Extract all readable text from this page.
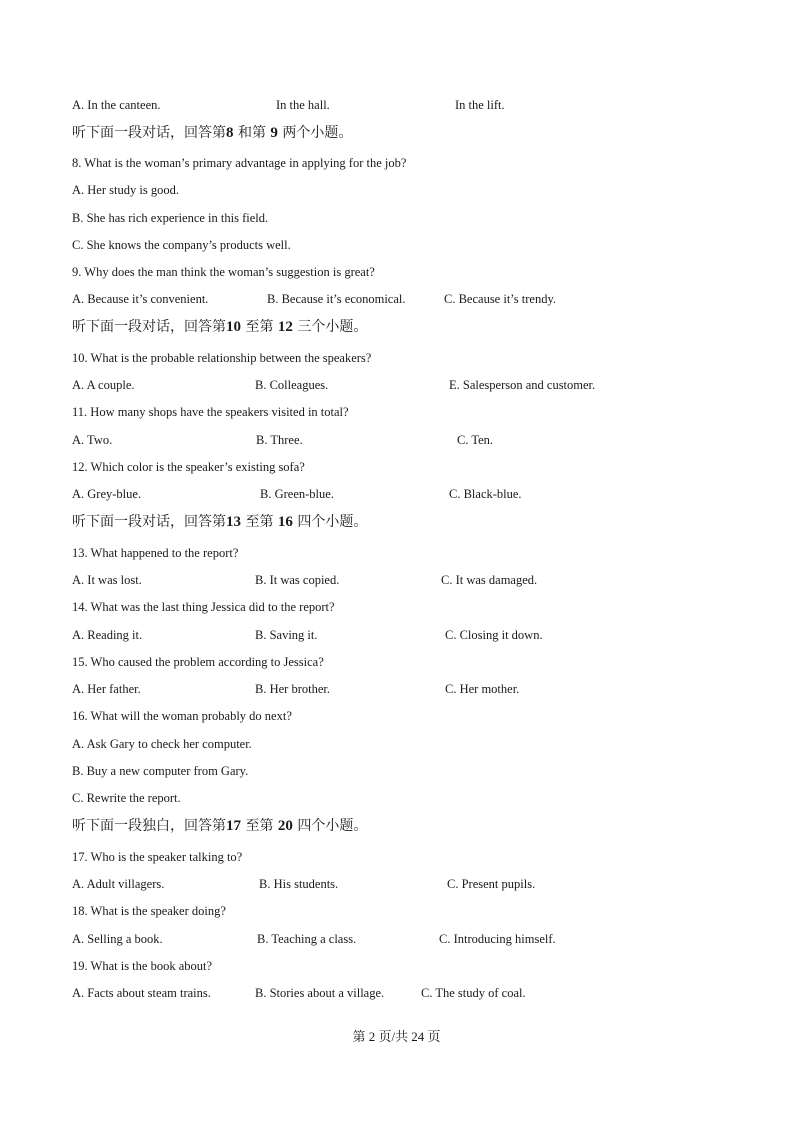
A. In the canteen.	In the hall.	In the lift.
听下面一段对话，回答第8 和第 9 两个小题。
8. What is the woman’s primary advantage in applying for the job?
A. Her study is good.
B. She has rich experience in this field.
C. She knows the company’s products well.
9. Why does the man think the woman’s suggestion is great?
A. Because it’s convenient.	B. Because it’s economical.	C. Because it’s trendy.
听下面一段对话，回答第10 至第 12 三个小题。
10. What is the probable relationship between the speakers?
A. A couple.	B. Colleagues.	E. Salesperson and customer.
11. How many shops have the speakers visited in total?
A. Two.	B. Three.	C. Ten.
12. Which color is the speaker’s existing sofa?
A. Grey-blue.	B. Green-blue.	C. Black-blue.
听下面一段对话，回答第13 至第 16 四个小题。
13. What happened to the report?
A. It was lost.	B. It was copied.	C. It was damaged.
14. What was the last thing Jessica did to the report?
A. Reading it.	B. Saving it.	C. Closing it down.
15. Who caused the problem according to Jessica?
A. Her father.	B. Her brother.	C. Her mother.
16. What will the woman probably do next?
A. Ask Gary to check her computer.
B. Buy a new computer from Gary.
C. Rewrite the report.
听下面一段独白，回答第17 至第 20 四个小题。
17. Who is the speaker talking to?
A. Adult villagers.	B. His students.	C. Present pupils.
18. What is the speaker doing?
A. Selling a book.	B. Teaching a class.	C. Introducing himself.
19. What is the book about?
A. Facts about steam trains.	B. Stories about a village.	C. The study of coal.
第 2 页/共 24 页
